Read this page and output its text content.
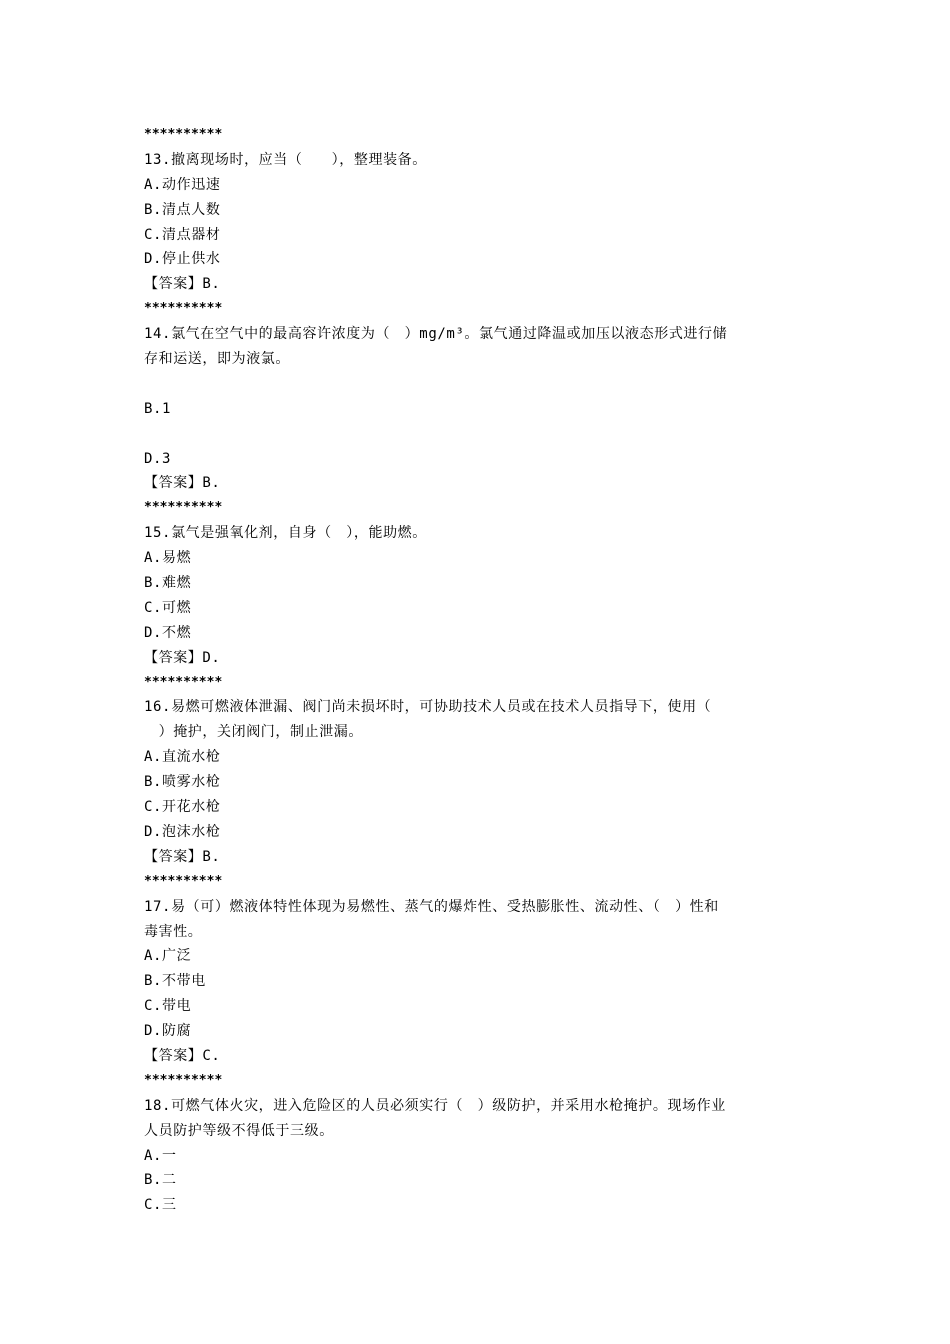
**********
13.撤离现场时，应当（　　），整理装备。
A.动作迅速
B.清点人数
C.清点器材
D.停止供水
【答案】B.
**********
14.氯气在空气中的最高容许浓度为（　）mg/m³。氯气通过降温或加压以液态形式进行储
存和运送，即为液氯。
B.1
D.3
【答案】B.
**********
15.氯气是强氧化剂，自身（　），能助燃。
A.易燃
B.难燃
C.可燃
D.不燃
【答案】D.
**********
16.易燃可燃液体泄漏、阀门尚未损坏时，可协助技术人员或在技术人员指导下，使用（
　）掩护，关闭阀门，制止泄漏。
A.直流水枪
B.喷雾水枪
C.开花水枪
D.泡沫水枪
【答案】B.
**********
17.易（可）燃液体特性体现为易燃性、蒸气的爆炸性、受热膨胀性、流动性、（　）性和
毒害性。
A.广泛
B.不带电
C.带电
D.防腐
【答案】C.
**********
18.可燃气体火灾，进入危险区的人员必须实行（　）级防护，并采用水枪掩护。现场作业
人员防护等级不得低于三级。
A.一
B.二
C.三
